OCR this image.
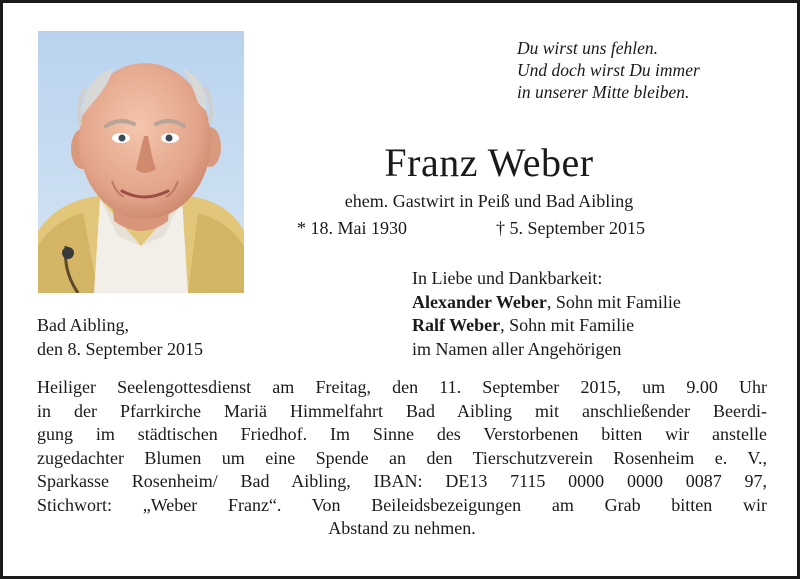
Du wirst uns fehlen.
Und doch wirst Du immer
in unserer Mitte bleiben.
Franz Weber
ehem. Gastwirt in Peiß und Bad Aibling
* 18. Mai 1930	† 5. September 2015
In Liebe und Dankbarkeit:
Alexander Weber, Sohn mit Familie
Ralf Weber, Sohn mit Familie
im Namen aller Angehörigen
Bad Aibling,
den 8. September 2015
Heiliger Seelengottesdienst am Freitag, den 11. September 2015, um 9.00 Uhr
in der Pfarrkirche Mariä Himmelfahrt Bad Aibling mit anschließender Beerdi-
gung im städtischen Friedhof. Im Sinne des Verstorbenen bitten wir anstelle
zugedachter Blumen um eine Spende an den Tierschutzverein Rosenheim e. V.,
Sparkasse Rosenheim/ Bad Aibling, IBAN: DE13 7115 0000 0000 0087 97,
Stichwort: „Weber Franz“. Von Beileidsbezeigungen am Grab bitten wir
Abstand zu nehmen.
